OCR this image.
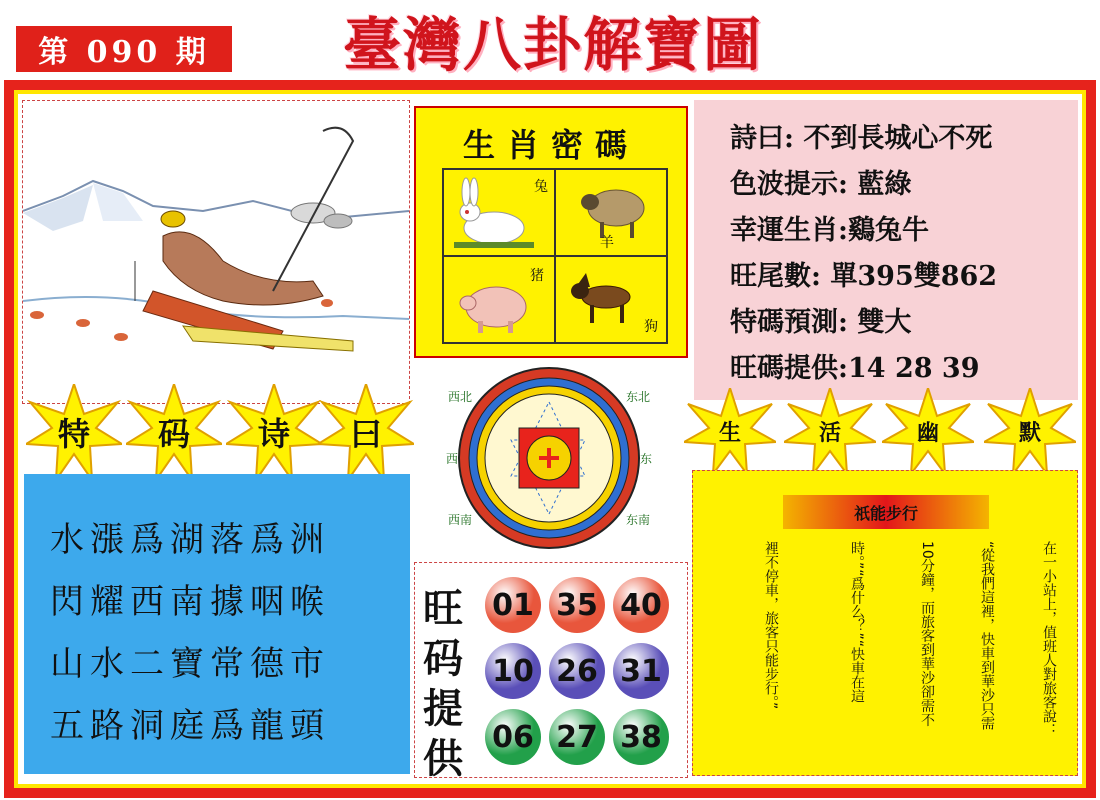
第 090 期	臺灣八卦解寶圖
生肖密碼
兔
羊
猪
狗
詩曰: 不到長城心不死
色波提示: 藍綠
幸運生肖:鷄兔牛
旺尾數: 單395雙862
特碼預測: 雙大
旺碼提供:14 28 39
特	码	诗	曰	生	活	幽	默
西北	东北
西南	东南
西	东
水漲爲湖落爲洲
閃耀西南據咽喉
山水二寶常德市
五路洞庭爲龍頭
旺
码
提
供
01 35 40
10 26 31
06 27 38
祇能步行
在一小站上，值班人對旅客說：
“從我們這裡，快車到華沙只需
10分鐘，而旅客到華沙卻需不
時。”“爲什么？”“快車在這
裡不停車，旅客只能步行。”
